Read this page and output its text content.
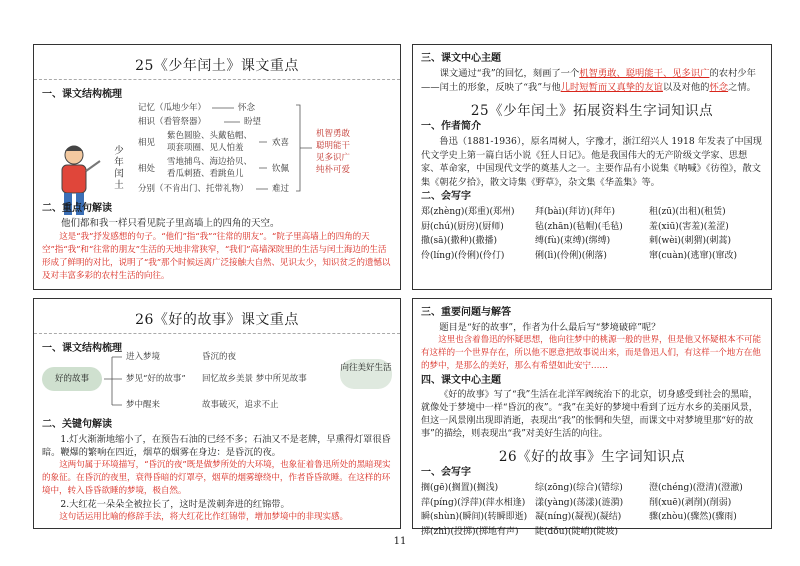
25《少年闰土》课文重点
一、课文结构梳理
少年闰土
记忆（瓜地少年）	怀念
相识（看管祭器）	盼望
相见
紫色圆脸、头戴毡帽、
项套项圈、见人怕羞	欢喜
相处
雪地捕鸟、海边拾贝、
看瓜刺猹、看跳鱼儿	钦佩
分别（不肯出门、托带礼物）	难过
机智勇敢
聪明能干
见多识广
纯朴可爱
二、重点句解读
他们都和我一样只看见院子里高墙上的四角的天空。
这是“我”抒发感想的句子。“他们”指“我”“往常的朋友”。“院子里高墙上的四角的天空”指“我”和“往常的朋友”生活的天地非常狭窄，“我们”高墙深院里的生活与闰土海边的生活形成了鲜明的对比，说明了“我”那个时候远离广泛接触大自然、见识太少，知识贫乏的遗憾以及对丰富多彩的农村生活的向往。
三、课文中心主题
课文通过“我”的回忆，刻画了一个机智勇敢、聪明能干、见多识广的农村少年——闰土的形象，反映了“我”与他儿时短暂而又真挚的友谊以及对他的怀念之情。
25《少年闰土》拓展资料生字词知识点
一、作者简介
鲁迅（1881-1936），原名周树人，字豫才，浙江绍兴人 1918 年发表了中国现代文学史上第一篇白话小说《狂人日记》。他是我国伟大的无产阶级文学家、思想家、革命家，中国现代文学的奠基人之一。主要作品有小说集《呐喊》《彷徨》，散文集《朝花夕拾》，散文诗集《野草》，杂文集《华盖集》等。
二、会写字
郑(zhèng)(郑重)(郑州)	拜(bài)(拜访)(拜年)	租(zū)(出租)(租赁)
厨(chú)(厨房)(厨师)	毡(zhān)(毡帽)(毛毡)	羞(xiū)(害羞)(羞涩)
撒(sā)(撒种)(撒播)	缚(fù)(束缚)(绑缚)	刺(wèi)(刺猬)(刺蒿)
伶(líng)(伶俐)(伶仃)	俐(lì)(伶俐)(俐落)	窜(cuàn)(逃窜)(窜改)
26《好的故事》课文重点
一、课文结构梳理
好的故事
向往美好生活
进入梦境	昏沉的夜
梦见“好的故事” 回忆故乡美景 梦中所见故事
梦中醒来	故事破灭，追求不止
二、关键句解读
1.灯火渐渐地缩小了，在预告石油的已经不多；石油又不是老牌，早熏得灯罩很昏暗。鞭爆的繁响在四近，烟草的烟雾在身边：是昏沉的夜。
这两句属于环境描写，“昏沉的夜”既是做梦所处的大环境，也象征着鲁迅所处的黑暗现实的象征。在昏沉的夜里，衰得昏暗的灯罩亭，烟草的烟雾缭绕中，作者昏昏欲睡。在这样的环境中，转入昏昏欲睡的梦境，极自然。
2.大红花一朵朵全被拉长了，这时是泼刺奔进的红锦带。
这句话运用比喻的修辞手法，将大红花比作红锦带，增加梦境中的非现实感。
三、重要问题与解答
题目是“好的故事”，作者为什么最后写“梦境破碎”呢？
这里也含着鲁迅的怀疑思想，他向往梦中的桃源一般的世界，但是他又怀疑根本不可能有这样的一个世界存在，所以他不愿意把故事说出来，而是鲁迅人们，有这样一个地方在他的梦中，是那么的美好，那么有希望如此安宁……
四、课文中心主题
《好的故事》写了“我”生活在北洋军阀统治下的北京，切身感受到社会的黑暗，就像处于梦境中一样“昏沉的夜”。“我”在美好的梦境中看到了远方水乡的美丽风景，但这一风景刚出现即消逝，表现出“我”的怅惘和失望，而课文中对梦境里那“好的故事”的描绘，则表现出“我”对美好生活的向往。
26《好的故事》生字词知识点
一、会写字
搁(gē)(搁置)(搁浅)	综(zōng)(综合)(错综)	澄(chéng)(澄清)(澄澈)
萍(píng)(浮萍)(萍水相逢)	漾(yàng)(荡漾)(涟漪)	削(xuē)(剥削)(削弱)
瞬(shùn)(瞬间)(转瞬即逝) 凝(níng)(凝视)(凝结)	骤(zhòu)(骤然)(骤雨)
掷(zhì)(投掷)(掷地有声)	陡(dǒu)(陡峭)(陡坡)
11
